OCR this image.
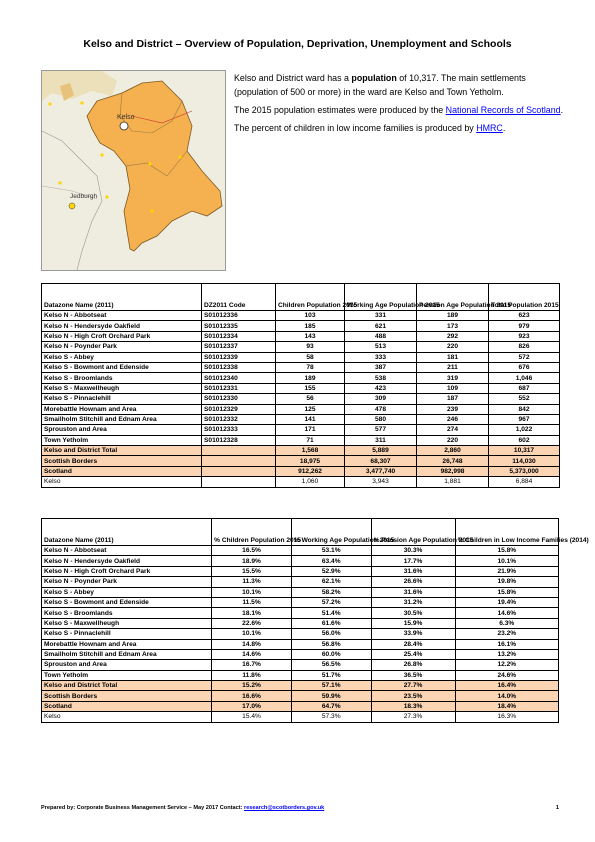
Kelso and District – Overview of Population, Deprivation, Unemployment and Schools
Kelso
Jedburgh

Kelso and District ward has a population of 10,317. The main settlements (population of 500 or more) in the ward are Kelso and Town Yetholm.

The 2015 population estimates were produced by the National Records of Scotland.

The percent of children in low income families is produced by HMRC.

Datazone Name (2011)	DZ2011 Code	Children Population 2015	Working Age Population 2015	Pension Age Population 2015	Total Population 2015
Kelso N - Abbotseat	S01012336	103	331	189	623
Kelso N - Hendersyde Oakfield	S01012335	185	621	173	979
Kelso N - High Croft Orchard Park	S01012334	143	488	292	923
Kelso N - Poynder Park	S01012337	93	513	220	826
Kelso S - Abbey	S01012339	58	333	181	572
Kelso S - Bowmont and Edenside	S01012338	78	387	211	676
Kelso S - Broomlands	S01012340	189	538	319	1,046
Kelso S - Maxwellheugh	S01012331	155	423	109	687
Kelso S - Pinnaclehill	S01012330	56	309	187	552
Morebattle Hownam and Area	S01012329	125	478	239	842
Smailholm Stitchill and Ednam Area	S01012332	141	580	246	967
Sprouston and Area	S01012333	171	577	274	1,022
Town Yetholm	S01012328	71	311	220	602
Kelso and District Total		1,568	5,889	2,860	10,317
Scottish Borders		18,975	68,307	26,748	114,030
Scotland		912,262	3,477,740	982,998	5,373,000
Kelso		1,060	3,943	1,881	6,884
Datazone Name (2011)	% Children Population 2015	% Working Age Population 2015	% Pension Age Population 2015	% Children in Low Income Families (2014)
Kelso N - Abbotseat	16.5%	53.1%	30.3%	15.8%
Kelso N - Hendersyde Oakfield	18.9%	63.4%	17.7%	10.1%
Kelso N - High Croft Orchard Park	15.5%	52.9%	31.6%	21.9%
Kelso N - Poynder Park	11.3%	62.1%	26.6%	19.8%
Kelso S - Abbey	10.1%	58.2%	31.6%	15.8%
Kelso S - Bowmont and Edenside	11.5%	57.2%	31.2%	19.4%
Kelso S - Broomlands	18.1%	51.4%	30.5%	14.6%
Kelso S - Maxwellheugh	22.6%	61.6%	15.9%	6.3%
Kelso S - Pinnaclehill	10.1%	56.0%	33.9%	23.2%
Morebattle Hownam and Area	14.8%	56.8%	28.4%	16.1%
Smailholm Stitchill and Ednam Area	14.6%	60.0%	25.4%	13.2%
Sprouston and Area	16.7%	56.5%	26.8%	12.2%
Town Yetholm	11.8%	51.7%	36.5%	24.6%
Kelso and District Total	15.2%	57.1%	27.7%	16.4%
Scottish Borders	16.6%	59.9%	23.5%	14.0%
Scotland	17.0%	64.7%	18.3%	18.4%
Kelso	15.4%	57.3%	27.3%	16.3%
Prepared by: Corporate Business Management Service – May 2017 Contact: research@scotborders.gov.uk	1
